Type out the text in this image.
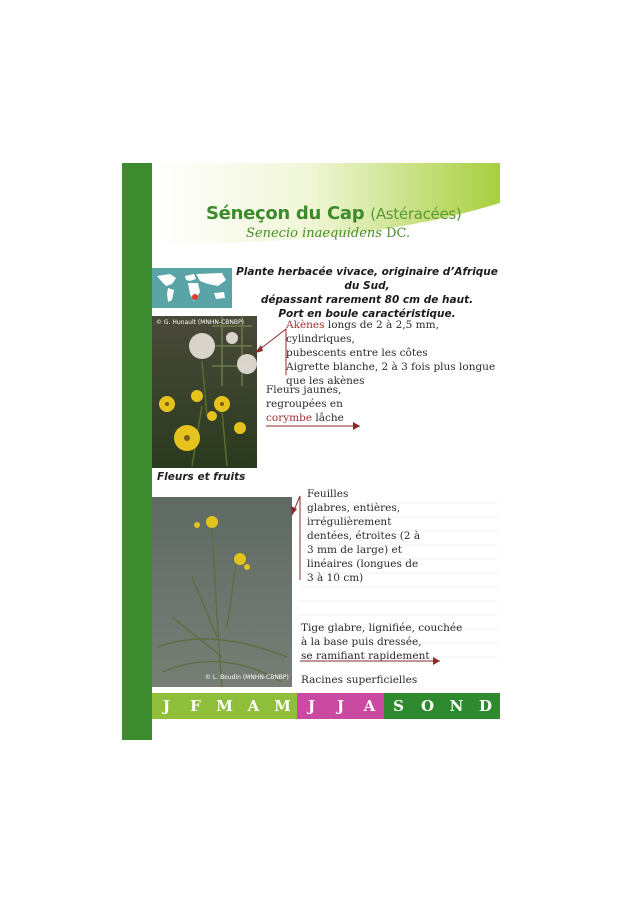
Séneçon du Cap (Astéracées)
Senecio inaequidens DC.
Plante herbacée vivace, originaire d’Afrique du Sud,
dépassant rarement 80 cm de haut.
Port en boule caractéristique.
© G. Hunault (MNHN-CBNBP)
Fleurs et fruits
© L. Boudin (MNHN-CBNBP)
Akènes longs de 2 à 2,5 mm, cylindriques,
pubescents entre les côtes
Aigrette blanche, 2 à 3 fois plus longue
que les akènes
Fleurs jaunes,
regroupées en
corymbe lâche
Feuilles
glabres, entières,
irrégulièrement
dentées, étroites (2 à
3 mm de large) et
linéaires (longues de
3 à 10 cm)
Tige glabre, lignifiée, couchée
à la base puis dressée,
se ramifiant rapidement
Racines superficielles
J F M A M J J A S O N D
